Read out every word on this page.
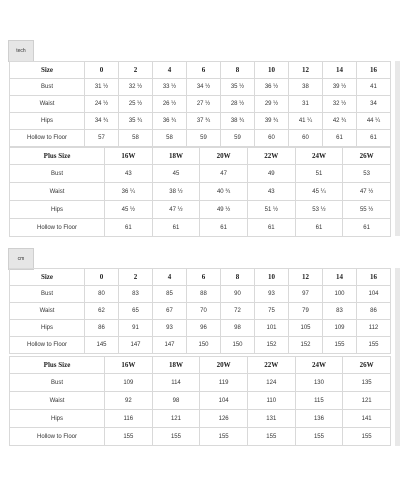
tech
Size	0	2	4	6	8	10	12	14	16
Bust	31 ½	32 ½	33 ½	34 ½	35 ½	36 ½	38	39 ½	41
Waist	24 ½	25 ½	26 ½	27 ½	28 ½	29 ½	31	32 ½	34
Hips	34 ¾	35 ¾	36 ¾	37 ¾	38 ¾	39 ¾	41 ¼	42 ¾	44 ¼
Hollow to Floor	57	58	58	59	59	60	60	61	61
Plus Size	16W	18W	20W	22W	24W	26W
Bust	43	45	47	49	51	53
Waist	36 ¼	38 ½	40 ¾	43	45 ¼	47 ½
Hips	45 ½	47 ½	49 ½	51 ½	53 ½	55 ½
Hollow to Floor	61	61	61	61	61	61
cm
Size	0	2	4	6	8	10	12	14	16
Bust	80	83	85	88	90	93	97	100	104
Waist	62	65	67	70	72	75	79	83	86
Hips	86	91	93	96	98	101	105	109	112
Hollow to Floor	145	147	147	150	150	152	152	155	155
Plus Size	16W	18W	20W	22W	24W	26W
Bust	109	114	119	124	130	135
Waist	92	98	104	110	115	121
Hips	116	121	126	131	136	141
Hollow to Floor	155	155	155	155	155	155
